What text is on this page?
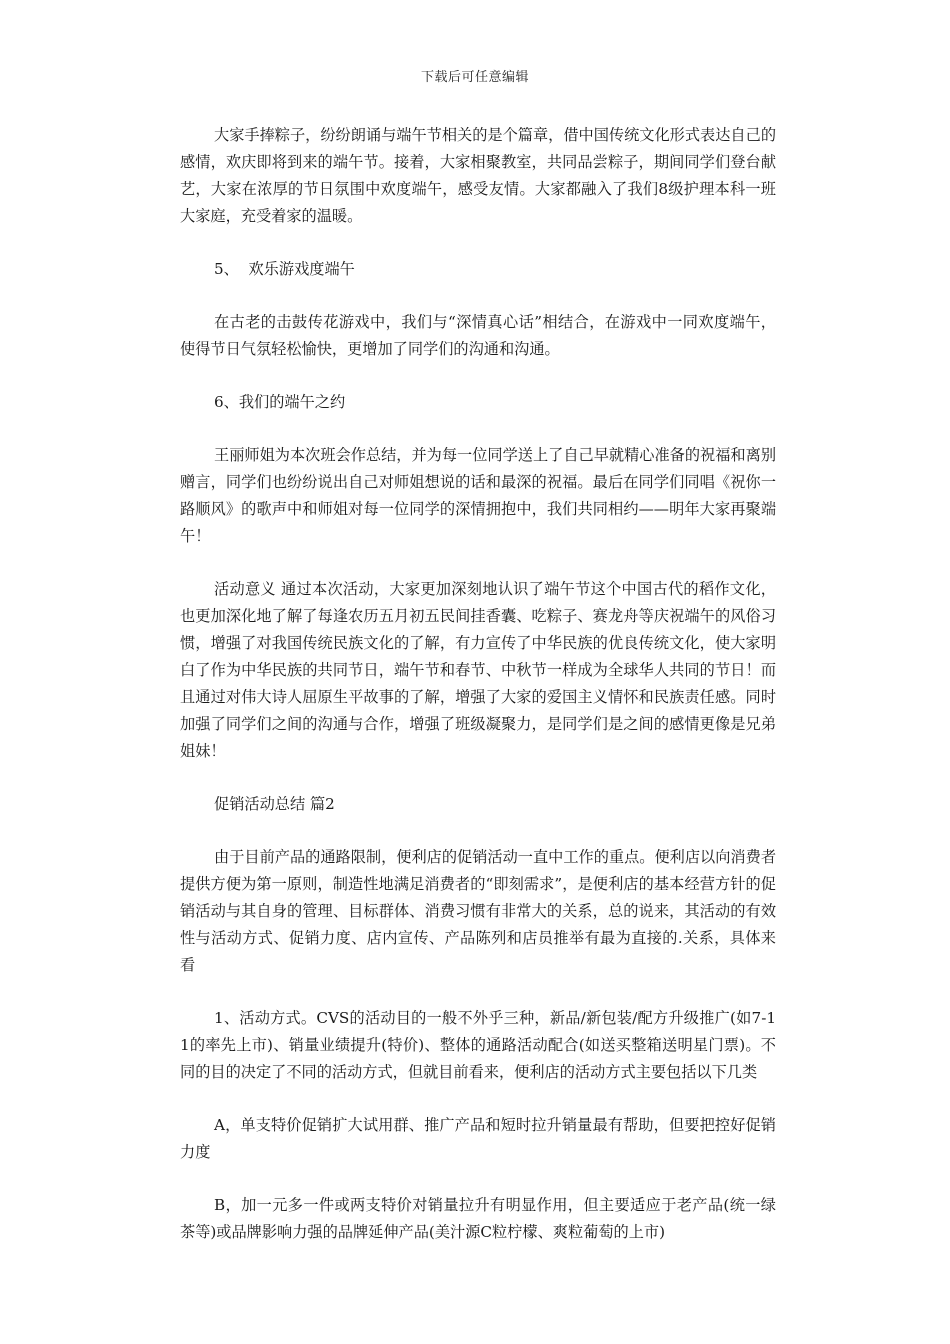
下载后可任意编辑

大家手捧粽子，纷纷朗诵与端午节相关的是个篇章，借中国传统文化形式表达自己的感情，欢庆即将到来的端午节。接着，大家相聚教室，共同品尝粽子，期间同学们登台献艺，大家在浓厚的节日氛围中欢度端午，感受友情。大家都融入了我们8级护理本科一班大家庭，充受着家的温暖。

5、  欢乐游戏度端午

在古老的击鼓传花游戏中，我们与“深情真心话”相结合，在游戏中一同欢度端午，使得节日气氛轻松愉快，更增加了同学们的沟通和沟通。

6、我们的端午之约

王丽师姐为本次班会作总结，并为每一位同学送上了自己早就精心准备的祝福和离别赠言，同学们也纷纷说出自己对师姐想说的话和最深的祝福。最后在同学们同唱《祝你一路顺风》的歌声中和师姐对每一位同学的深情拥抱中，我们共同相约——明年大家再聚端午！

活动意义 通过本次活动，大家更加深刻地认识了端午节这个中国古代的稻作文化，也更加深化地了解了每逢农历五月初五民间挂香囊、吃粽子、赛龙舟等庆祝端午的风俗习惯，增强了对我国传统民族文化的了解，有力宣传了中华民族的优良传统文化，使大家明白了作为中华民族的共同节日，端午节和春节、中秋节一样成为全球华人共同的节日！而且通过对伟大诗人屈原生平故事的了解，增强了大家的爱国主义情怀和民族责任感。同时加强了同学们之间的沟通与合作，增强了班级凝聚力，是同学们是之间的感情更像是兄弟姐妹！

促销活动总结 篇2

由于目前产品的通路限制，便利店的促销活动一直中工作的重点。便利店以向消费者提供方便为第一原则，制造性地满足消费者的“即刻需求”，是便利店的基本经营方针的促销活动与其自身的管理、目标群体、消费习惯有非常大的关系，总的说来，其活动的有效性与活动方式、促销力度、店内宣传、产品陈列和店员推举有最为直接的.关系，具体来看

1、活动方式。CVS的活动目的一般不外乎三种，新品/新包装/配方升级推广(如7-11的率先上市)、销量业绩提升(特价)、整体的通路活动配合(如送买整箱送明星门票)。不同的目的决定了不同的活动方式，但就目前看来，便利店的活动方式主要包括以下几类

A，单支特价促销扩大试用群、推广产品和短时拉升销量最有帮助，但要把控好促销力度

B，加一元多一件或两支特价对销量拉升有明显作用，但主要适应于老产品(统一绿茶等)或品牌影响力强的品牌延伸产品(美汁源C粒柠檬、爽粒葡萄的上市)
